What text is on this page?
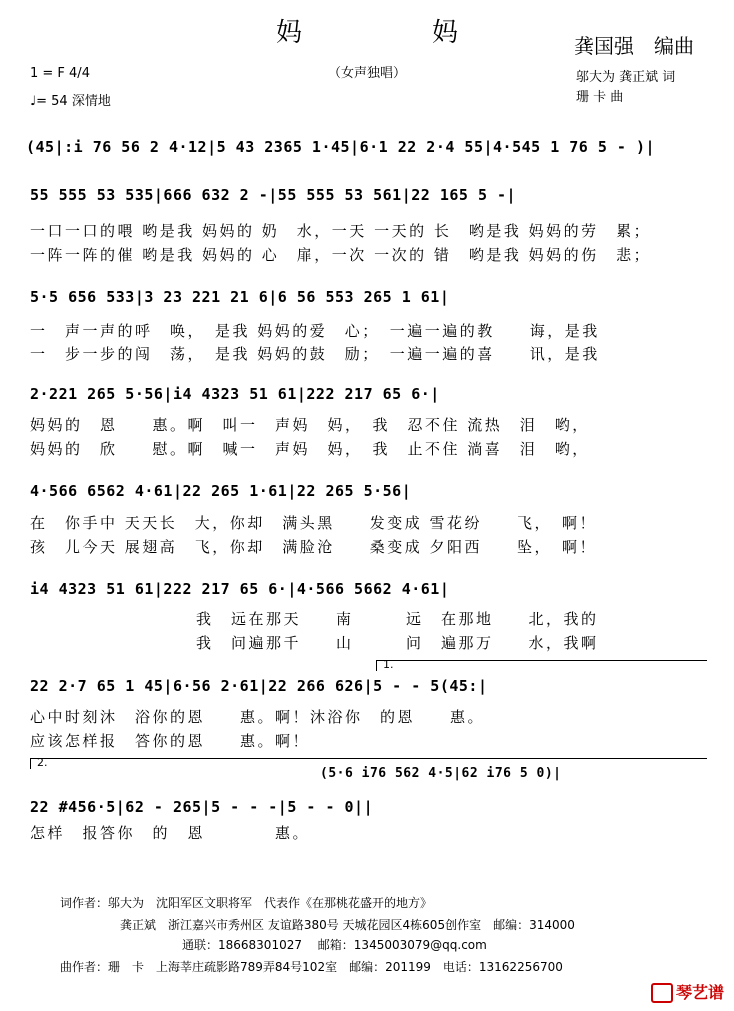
妈　妈	龚国强　编曲
（女声独唱）
1 = F 4/4
♩= 54 深情地
邬大为 龚正斌 词
珊 卡 曲
(45|:i 76 56 2 4·12|5 43 2365 1·45|6·1 22 2·4 55|4·545 1 76 5 - )|
55 555 53 535|666 632 2 -|55 555 53 561|22 165 5 -|
一口一口的喂 哟是我 妈妈的 奶　水，一天 一天的 长　哟是我 妈妈的劳　累；
一阵一阵的催 哟是我 妈妈的 心　扉，一次 一次的 错　哟是我 妈妈的伤　悲；
5·5 656 533|3 23 221 21 6|6 56 553 265 1 61|
一　声一声的呼　唤，　是我 妈妈的爱　心；　一遍一遍的教　　诲，是我
一　步一步的闯　荡，　是我 妈妈的鼓　励；　一遍一遍的喜　　讯，是我
2·221 265 5·56|i4 4323 51 61|222 217 65 6·|
妈妈的　恩　　惠。啊　叫一　声妈　妈，　我　忍不住 流热　泪　哟，
妈妈的　欣　　慰。啊　喊一　声妈　妈，　我　止不住 淌喜　泪　哟，
4·566 6562 4·61|22 265 1·61|22 265 5·56|
在　你手中 天天长　大，你却　满头黑　　发变成 雪花纷　　飞，　啊！
孩　儿今天 展翅高　飞，你却　满脸沧　　桑变成 夕阳西　　坠，　啊！
i4 4323 51 61|222 217 65 6·|4·566 5662 4·61|
我　远在那天　　南　　　远　在那地　　北，我的
我　问遍那千　　山　　　问　遍那万　　水，我啊
1.
22 2·7 65 1 45|6·56 2·61|22 266 626|5 - - 5(45:|
心中时刻沐　浴你的恩　　惠。啊！沐浴你　的恩　　惠。
应该怎样报　答你的恩　　惠。啊！
2.
(5·6 i76 562 4·5|62 i76 5 0)|
22 #456·5|62 - 265|5 - - -|5 - - 0||
怎样　报答你　的　恩　　　　惠。
词作者：邬大为　沈阳军区文职将军　代表作《在那桃花盛开的地方》
龚正斌　浙江嘉兴市秀州区 友谊路380号 天城花园区4栋605创作室　邮编：314000
通联：18668301027　 邮箱：1345003079@qq.com
曲作者：珊　卡　上海莘庄疏影路789弄84号102室　邮编：201199　电话：13162256700
琴艺谱
